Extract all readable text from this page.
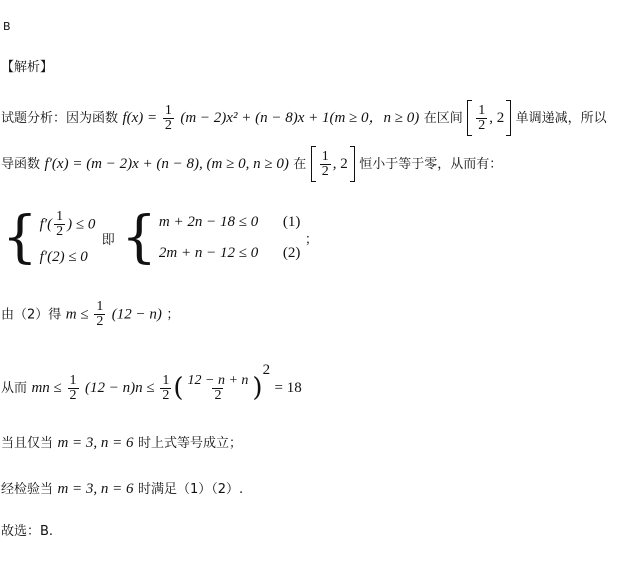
B
【解析】
试题分析：因为函数 $f(x) = \frac{1}{2} (m - 2)x^2 + (n - 8)x + 1(m \ge 0$，n ≥ 0) 在区间 $\frac{1}{2}$ , 2 单调递减，所以
导函数 f′(x) = (m − 2)x + (n − 8), (m ≥ 0, n ≥ 0) 在 $\frac{1}{2}$ , 2 恒小于等于零，从而有：
{ $f'( \frac{1}{2}$ ) ≤ 0
f′(2) ≤ 0
即 { m + 2n − 18 ≤ 0 (1)
2m + n − 12 ≤ 0 (2)
；
由（2）得 $m \le \frac{1}{2} (12 - n)$ ；
从而 mn ≤ $\frac{1}{2} (12 - n)n \le \frac{1}{2}$ ( $\frac{12 - n + n}{2} )^2 = 18$
当且仅当 m = 3, n = 6 时上式等号成立；
经检验当 m = 3, n = 6 时满足（1）（2）.
故选：B.
